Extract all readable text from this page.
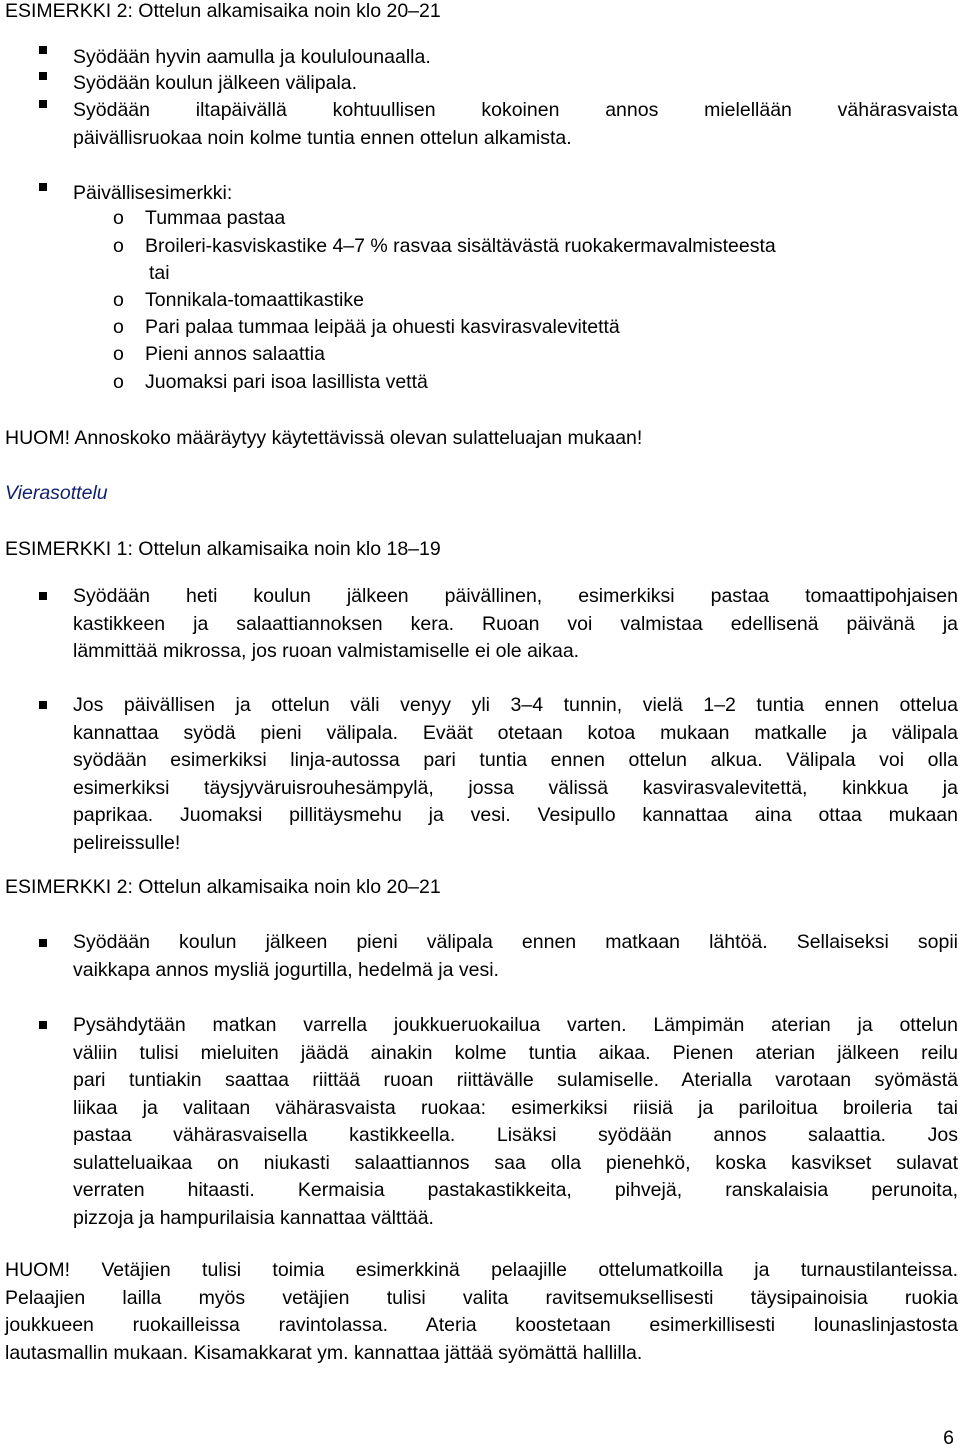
ESIMERKKI 2: Ottelun alkamisaika noin klo 20–21
Syödään hyvin aamulla ja koululounaalla.
Syödään koulun jälkeen välipala.
Syödään iltapäivällä kohtuullisen kokoinen annos mielellään vähärasvaista
päivällisruokaa noin kolme tuntia ennen ottelun alkamista.
Päivällisesimerkki:
o Tummaa pastaa
o Broileri-kasviskastike 4–7 % rasvaa sisältävästä ruokakermavalmisteesta
tai
o Tonnikala-tomaattikastike
o Pari palaa tummaa leipää ja ohuesti kasvirasvalevitettä
o Pieni annos salaattia
o Juomaksi pari isoa lasillista vettä
HUOM! Annoskoko määräytyy käytettävissä olevan sulatteluajan mukaan!
Vierasottelu
ESIMERKKI 1: Ottelun alkamisaika noin klo 18–19
Syödään heti koulun jälkeen päivällinen, esimerkiksi pastaa tomaattipohjaisen
kastikkeen ja salaattiannoksen kera. Ruoan voi valmistaa edellisenä päivänä ja
lämmittää mikrossa, jos ruoan valmistamiselle ei ole aikaa.
Jos päivällisen ja ottelun väli venyy yli 3–4 tunnin, vielä 1–2 tuntia ennen ottelua
kannattaa syödä pieni välipala. Eväät otetaan kotoa mukaan matkalle ja välipala
syödään esimerkiksi linja-autossa pari tuntia ennen ottelun alkua. Välipala voi olla
esimerkiksi täysjyväruisrouhesämpylä, jossa välissä kasvirasvalevitettä, kinkkua ja
paprikaa. Juomaksi pillitäysmehu ja vesi. Vesipullo kannattaa aina ottaa mukaan
pelireissulle!
ESIMERKKI 2: Ottelun alkamisaika noin klo 20–21
Syödään koulun jälkeen pieni välipala ennen matkaan lähtöä. Sellaiseksi sopii
vaikkapa annos mysliä jogurtilla, hedelmä ja vesi.
Pysähdytään matkan varrella joukkueruokailua varten. Lämpimän aterian ja ottelun
väliin tulisi mieluiten jäädä ainakin kolme tuntia aikaa. Pienen aterian jälkeen reilu
pari tuntiakin saattaa riittää ruoan riittävälle sulamiselle. Aterialla varotaan syömästä
liikaa ja valitaan vähärasvaista ruokaa: esimerkiksi riisiä ja pariloitua broileria tai
pastaa vähärasvaisella kastikkeella. Lisäksi syödään annos salaattia. Jos
sulatteluaikaa on niukasti salaattiannos saa olla pienehkö, koska kasvikset sulavat
verraten hitaasti. Kermaisia pastakastikkeita, pihvejä, ranskalaisia perunoita,
pizzoja ja hampurilaisia kannattaa välttää.
HUOM! Vetäjien tulisi toimia esimerkkinä pelaajille ottelumatkoilla ja turnaustilanteissa.
Pelaajien lailla myös vetäjien tulisi valita ravitsemuksellisesti täysipainoisia ruokia
joukkueen ruokailleissa ravintolassa. Ateria koostetaan esimerkillisesti lounaslinjastosta
lautasmallin mukaan. Kisamakkarat ym. kannattaa jättää syömättä hallilla.
6
